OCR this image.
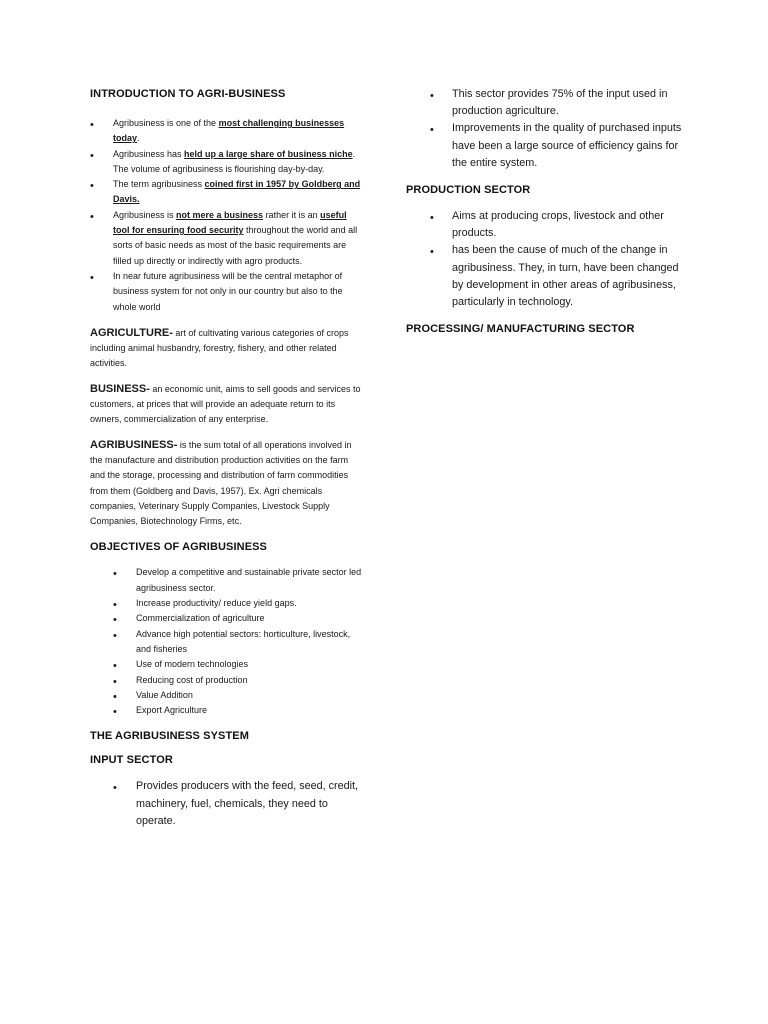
INTRODUCTION TO AGRI-BUSINESS
• Agribusiness is one of the most challenging businesses today.
• Agribusiness has held up a large share of business niche. The volume of agribusiness is flourishing day-by-day.
• The term agribusiness coined first in 1957 by Goldberg and Davis.
• Agribusiness is not mere a business rather it is an useful tool for ensuring food security throughout the world and all sorts of basic needs as most of the basic requirements are filled up directly or indirectly with agro products.
• In near future agribusiness will be the central metaphor of business system for not only in our country but also to the whole world

AGRICULTURE- art of cultivating various categories of crops including animal husbandry, forestry, fishery, and other related activities.

BUSINESS- an economic unit, aims to sell goods and services to customers, at prices that will provide an adequate return to its owners, commercialization of any enterprise.

AGRIBUSINESS- is the sum total of all operations involved in the manufacture and distribution production activities on the farm and the storage, processing and distribution of farm commodities from them (Goldberg and Davis, 1957). Ex. Agri chemicals companies, Veterinary Supply Companies, Livestock Supply Companies, Biotechnology Firms, etc.

OBJECTIVES OF AGRIBUSINESS
• Develop a competitive and sustainable private sector led agribusiness sector.
• Increase productivity/ reduce yield gaps.
• Commercialization of agriculture
• Advance high potential sectors: horticulture, livestock, and fisheries
• Use of modern technologies
• Reducing cost of production
• Value Addition
• Export Agriculture
THE AGRIBUSINESS SYSTEM
INPUT SECTOR
• Provides producers with the feed, seed, credit, machinery, fuel, chemicals, they need to operate.
• This sector provides 75% of the input used in production agriculture.
• Improvements in the quality of purchased inputs have been a large source of efficiency gains for the entire system.
PRODUCTION SECTOR
• Aims at producing crops, livestock and other products.
• has been the cause of much of the change in agribusiness. They, in turn, have been changed by development in other areas of agribusiness, particularly in technology.
PROCESSING/ MANUFACTURING SECTOR
